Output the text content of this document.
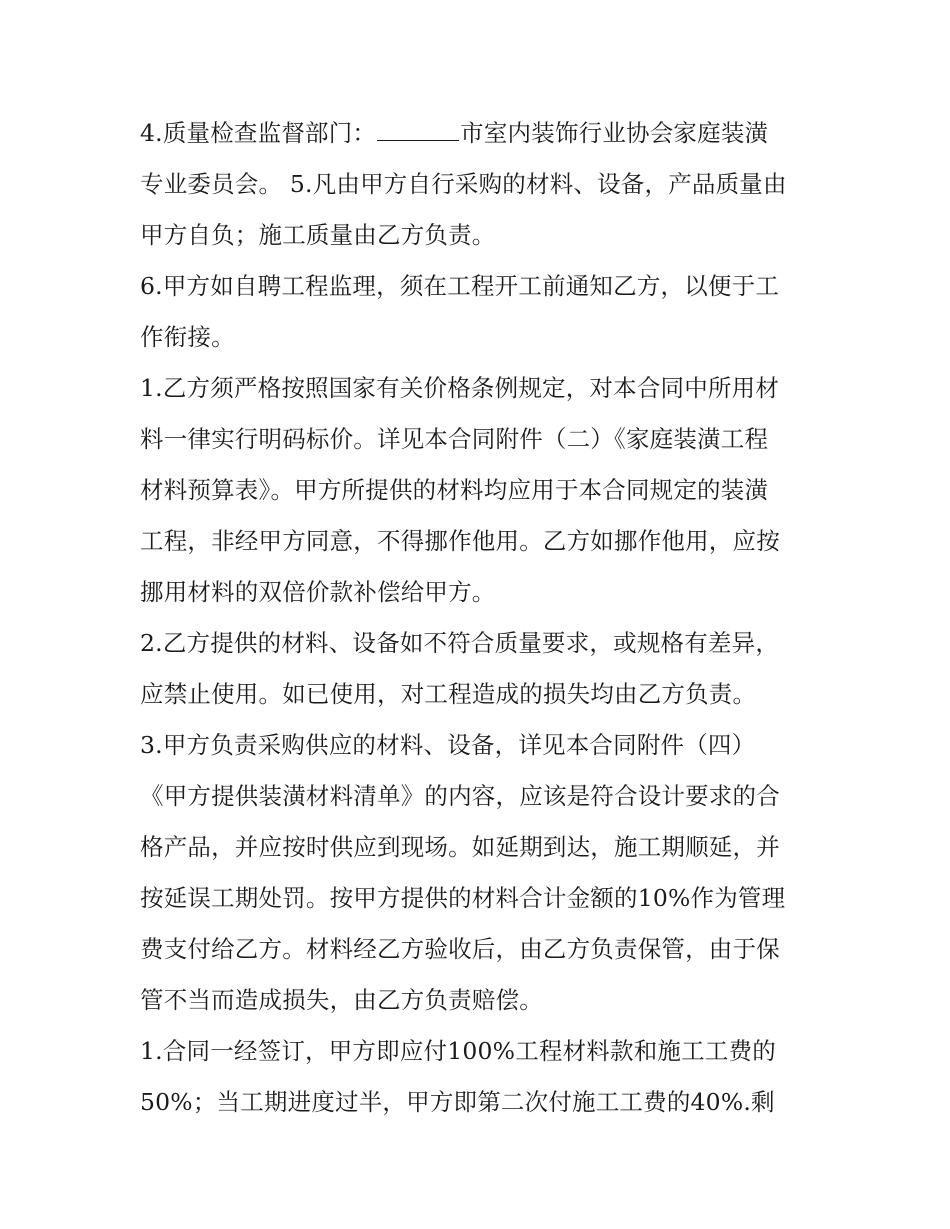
4.质量检查监督部门：	市室内装饰行业协会家庭装潢
专业委员会。 5.凡由甲方自行采购的材料、设备，产品质量由
甲方自负；施工质量由乙方负责。
6.甲方如自聘工程监理，须在工程开工前通知乙方，以便于工
作衔接。
1.乙方须严格按照国家有关价格条例规定，对本合同中所用材
料一律实行明码标价。详见本合同附件（二）《家庭装潢工程
材料预算表》。甲方所提供的材料均应用于本合同规定的装潢
工程，非经甲方同意，不得挪作他用。乙方如挪作他用，应按
挪用材料的双倍价款补偿给甲方。
2.乙方提供的材料、设备如不符合质量要求，或规格有差异，
应禁止使用。如已使用，对工程造成的损失均由乙方负责。
3.甲方负责采购供应的材料、设备，详见本合同附件（四）
《甲方提供装潢材料清单》的内容，应该是符合设计要求的合
格产品，并应按时供应到现场。如延期到达，施工期顺延，并
按延误工期处罚。按甲方提供的材料合计金额的10%作为管理
费支付给乙方。材料经乙方验收后，由乙方负责保管，由于保
管不当而造成损失，由乙方负责赔偿。
1.合同一经签订，甲方即应付100%工程材料款和施工工费的
50%；当工期进度过半，甲方即第二次付施工工费的40%.剩
